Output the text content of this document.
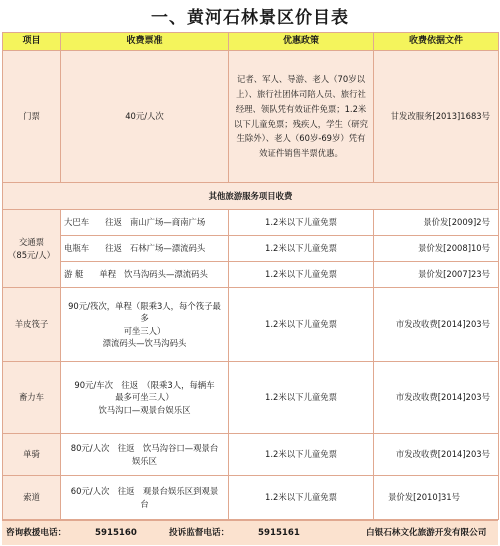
一、黄河石林景区价目表
项目	收费票准	优惠政策	收费依据文件
门票	40元/人次	记者、军人、导游、老人（70岁以上）、旅行社团体司陪人员、旅行社经理、领队凭有效证件免票；1.2米以下儿童免票；残疾人，学生（研究生除外）、老人（60岁-69岁）凭有效证件销售半票优惠。	甘发改服务[2013]1683号
其他旅游服务项目收费			

交通票
（85元/人）	大巴车 往返 南山广场—商南广场	1.2米以下儿童免票	景价发[2009]2号
	电瓶车 往返 石林广场—漂流码头	1.2米以下儿童免票	景价发[2008]10号
	游 艇 单程 饮马沟码头—漂流码头	1.2米以下儿童免票	景价发[2007]23号
羊皮筏子	90元/筏次，单程（限乘3人，每个筏子最多
可坐三人）
漂流码头—饮马沟码头	1.2米以下儿童免票	市发改收费[2014]203号
畜力车	90元/车次　往返　（限乘3人，每辆车
最多可坐三人）
饮马沟口—观景台娱乐区	1.2米以下儿童免票	市发改收费[2014]203号
单骑	80元/人次　往返　饮马沟谷口—观景台
娱乐区	1.2米以下儿童免票	市发改收费[2014]203号
索道	60元/人次　往返　观景台娱乐区到观景
台	1.2米以下儿童免票	景价发[2010]31号
咨询救援电话：	5915160	投诉监督电话：	5915161	白银石林文化旅游开发有限公司
